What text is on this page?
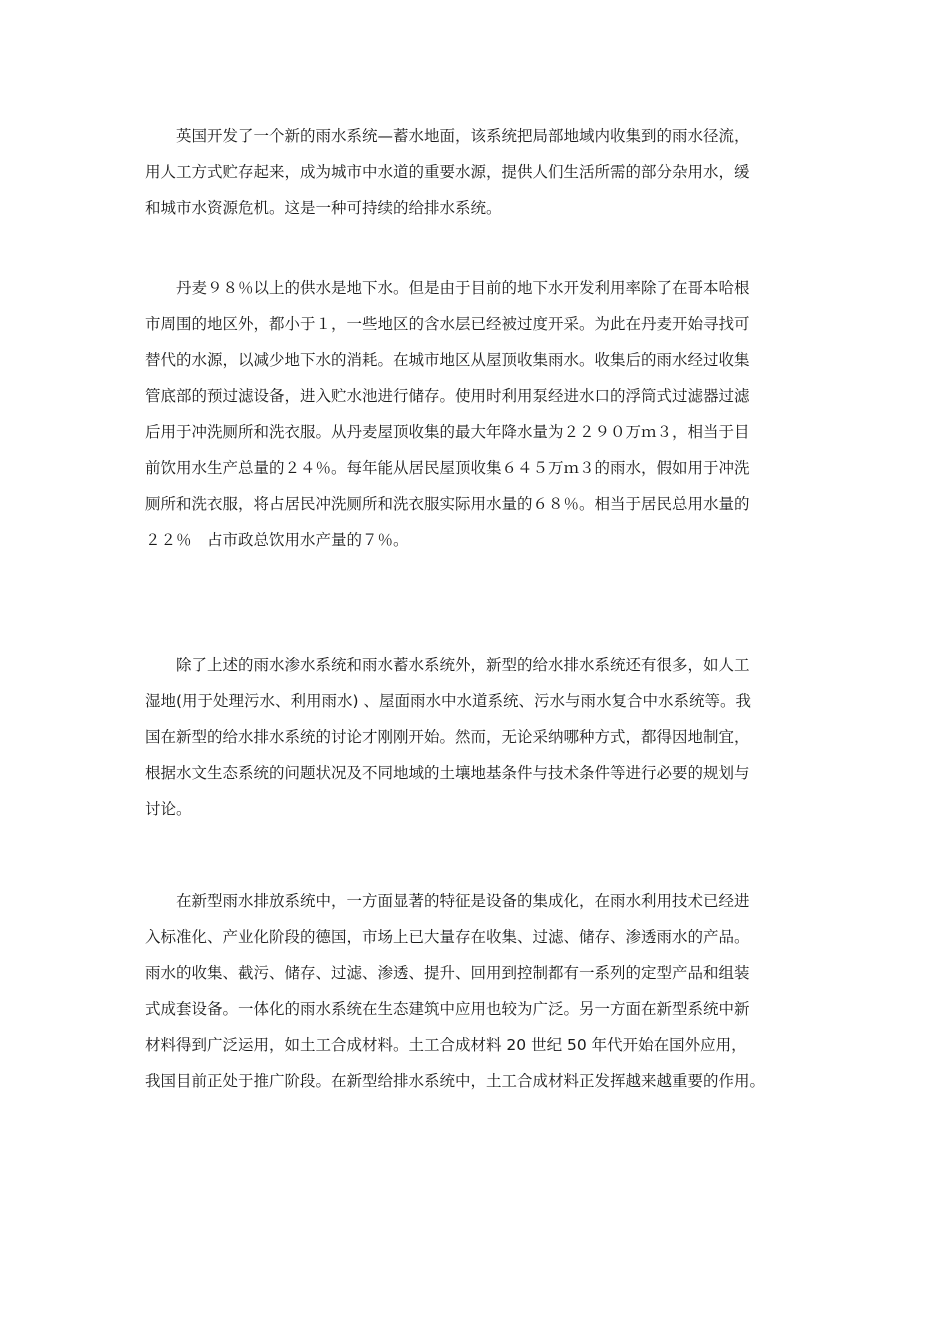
英国开发了一个新的雨水系统—蓄水地面，该系统把局部地域内收集到的雨水径流，
用人工方式贮存起来，成为城市中水道的重要水源，提供人们生活所需的部分杂用水，缓
和城市水资源危机。这是一种可持续的给排水系统。
丹麦９８％以上的供水是地下水。但是由于目前的地下水开发利用率除了在哥本哈根
市周围的地区外，都小于１，一些地区的含水层已经被过度开采。为此在丹麦开始寻找可
替代的水源，以减少地下水的消耗。在城市地区从屋顶收集雨水。收集后的雨水经过收集
管底部的预过滤设备，进入贮水池进行储存。使用时利用泵经进水口的浮筒式过滤器过滤
后用于冲洗厕所和洗衣服。从丹麦屋顶收集的最大年降水量为２２９０万ｍ３，相当于目
前饮用水生产总量的２４％。每年能从居民屋顶收集６４５万ｍ３的雨水，假如用于冲洗
厕所和洗衣服，将占居民冲洗厕所和洗衣服实际用水量的６８％。相当于居民总用水量的
２２％　占市政总饮用水产量的７％。
除了上述的雨水渗水系统和雨水蓄水系统外，新型的给水排水系统还有很多，如人工
湿地(用于处理污水、利用雨水) 、屋面雨水中水道系统、污水与雨水复合中水系统等。我
国在新型的给水排水系统的讨论才刚刚开始。然而，无论采纳哪种方式，都得因地制宜，
根据水文生态系统的问题状况及不同地域的土壤地基条件与技术条件等进行必要的规划与
讨论。
在新型雨水排放系统中，一方面显著的特征是设备的集成化，在雨水利用技术已经进
入标准化、产业化阶段的德国，市场上已大量存在收集、过滤、储存、渗透雨水的产品。
雨水的收集、截污、储存、过滤、渗透、提升、回用到控制都有一系列的定型产品和组装
式成套设备。一体化的雨水系统在生态建筑中应用也较为广泛。另一方面在新型系统中新
材料得到广泛运用，如土工合成材料。土工合成材料 20 世纪 50 年代开始在国外应用，
我国目前正处于推广阶段。在新型给排水系统中，土工合成材料正发挥越来越重要的作用。
